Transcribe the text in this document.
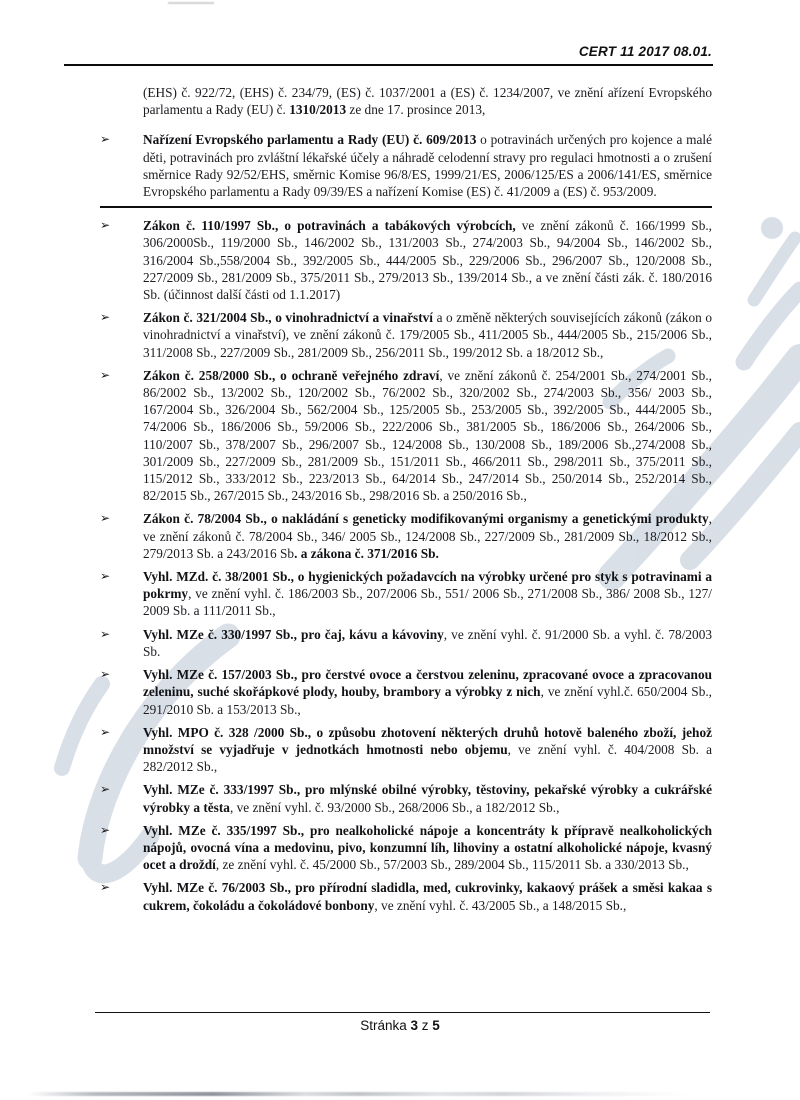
CERT 11 2017 08.01.
(EHS) č. 922/72, (EHS) č. 234/79, (ES) č. 1037/2001 a (ES) č. 1234/2007, ve znění ařízení Evropského parlamentu a Rady (EU) č. 1310/2013 ze dne 17. prosince 2013,
➢ Nařízení Evropského parlamentu a Rady (EU) č. 609/2013 o potravinách určených pro kojence a malé děti, potravinách pro zvláštní lékařské účely a náhradě celodenní stravy pro regulaci hmotnosti a o zrušení směrnice Rady 92/52/EHS, směrnic Komise 96/8/ES, 1999/21/ES, 2006/125/ES a 2006/141/ES, směrnice Evropského parlamentu a Rady 09/39/ES a nařízení Komise (ES) č. 41/2009 a (ES) č. 953/2009.
➢ Zákon č. 110/1997 Sb., o potravinách a tabákových výrobcích, ve znění zákonů č. 166/1999 Sb., 306/2000Sb., 119/2000 Sb., 146/2002 Sb., 131/2003 Sb., 274/2003 Sb., 94/2004 Sb., 146/2002 Sb., 316/2004 Sb.,558/2004 Sb., 392/2005 Sb., 444/2005 Sb., 229/2006 Sb., 296/2007 Sb., 120/2008 Sb., 227/2009 Sb., 281/2009 Sb., 375/2011 Sb., 279/2013 Sb., 139/2014 Sb., a ve znění části zák. č. 180/2016 Sb. (účinnost další části od 1.1.2017)
➢ Zákon č. 321/2004 Sb., o vinohradnictví a vinařství a o změně některých souvisejících zákonů (zákon o vinohradnictví a vinařství), ve znění zákonů č. 179/2005 Sb., 411/2005 Sb., 444/2005 Sb., 215/2006 Sb., 311/2008 Sb., 227/2009 Sb., 281/2009 Sb., 256/2011 Sb., 199/2012 Sb. a 18/2012 Sb.,
➢ Zákon č. 258/2000 Sb., o ochraně veřejného zdraví, ve znění zákonů č. 254/2001 Sb., 274/2001 Sb., 86/2002 Sb., 13/2002 Sb., 120/2002 Sb., 76/2002 Sb., 320/2002 Sb., 274/2003 Sb., 356/ 2003 Sb., 167/2004 Sb., 326/2004 Sb., 562/2004 Sb., 125/2005 Sb., 253/2005 Sb., 392/2005 Sb., 444/2005 Sb., 74/2006 Sb., 186/2006 Sb., 59/2006 Sb., 222/2006 Sb., 381/2005 Sb., 186/2006 Sb., 264/2006 Sb., 110/2007 Sb., 378/2007 Sb., 296/2007 Sb., 124/2008 Sb., 130/2008 Sb., 189/2006 Sb.,274/2008 Sb., 301/2009 Sb., 227/2009 Sb., 281/2009 Sb., 151/2011 Sb., 466/2011 Sb., 298/2011 Sb., 375/2011 Sb., 115/2012 Sb., 333/2012 Sb., 223/2013 Sb., 64/2014 Sb., 247/2014 Sb., 250/2014 Sb., 252/2014 Sb., 82/2015 Sb., 267/2015 Sb., 243/2016 Sb., 298/2016 Sb. a 250/2016 Sb.,
➢ Zákon č. 78/2004 Sb., o nakládání s geneticky modifikovanými organismy a genetickými produkty, ve znění zákonů č. 78/2004 Sb., 346/ 2005 Sb., 124/2008 Sb., 227/2009 Sb., 281/2009 Sb., 18/2012 Sb., 279/2013 Sb. a 243/2016 Sb. a zákona č. 371/2016 Sb.
➢ Vyhl. MZd. č. 38/2001 Sb., o hygienických požadavcích na výrobky určené pro styk s potravinami a pokrmy, ve znění vyhl. č. 186/2003 Sb., 207/2006 Sb., 551/ 2006 Sb., 271/2008 Sb., 386/ 2008 Sb., 127/ 2009 Sb. a 111/2011 Sb.,
➢ Vyhl. MZe č. 330/1997 Sb., pro čaj, kávu a kávoviny, ve znění vyhl. č. 91/2000 Sb. a vyhl. č. 78/2003 Sb.
➢ Vyhl. MZe č. 157/2003 Sb., pro čerstvé ovoce a čerstvou zeleninu, zpracované ovoce a zpracovanou zeleninu, suché skořápkové plody, houby, brambory a výrobky z nich, ve znění vyhl.č. 650/2004 Sb., 291/2010 Sb. a 153/2013 Sb.,
➢ Vyhl. MPO č. 328 /2000 Sb., o způsobu zhotovení některých druhů hotově baleného zboží, jehož množství se vyjadřuje v jednotkách hmotnosti nebo objemu, ve znění vyhl. č. 404/2008 Sb. a 282/2012 Sb.,
➢ Vyhl. MZe č. 333/1997 Sb., pro mlýnské obilné výrobky, těstoviny, pekařské výrobky a cukrářské výrobky a těsta, ve znění vyhl. č. 93/2000 Sb., 268/2006 Sb., a 182/2012 Sb.,
➢ Vyhl. MZe č. 335/1997 Sb., pro nealkoholické nápoje a koncentráty k přípravě nealkoholických nápojů, ovocná vína a medovinu, pivo, konzumní líh, lihoviny a ostatní alkoholické nápoje, kvasný ocet a droždí, ze znění vyhl. č. 45/2000 Sb., 57/2003 Sb., 289/2004 Sb., 115/2011 Sb. a 330/2013 Sb.,
➢ Vyhl. MZe č. 76/2003 Sb., pro přírodní sladidla, med, cukrovinky, kakaový prášek a směsi kakaa s cukrem, čokoládu a čokoládové bonbony, ve znění vyhl. č. 43/2005 Sb., a 148/2015 Sb.,
Stránka 3 z 5
